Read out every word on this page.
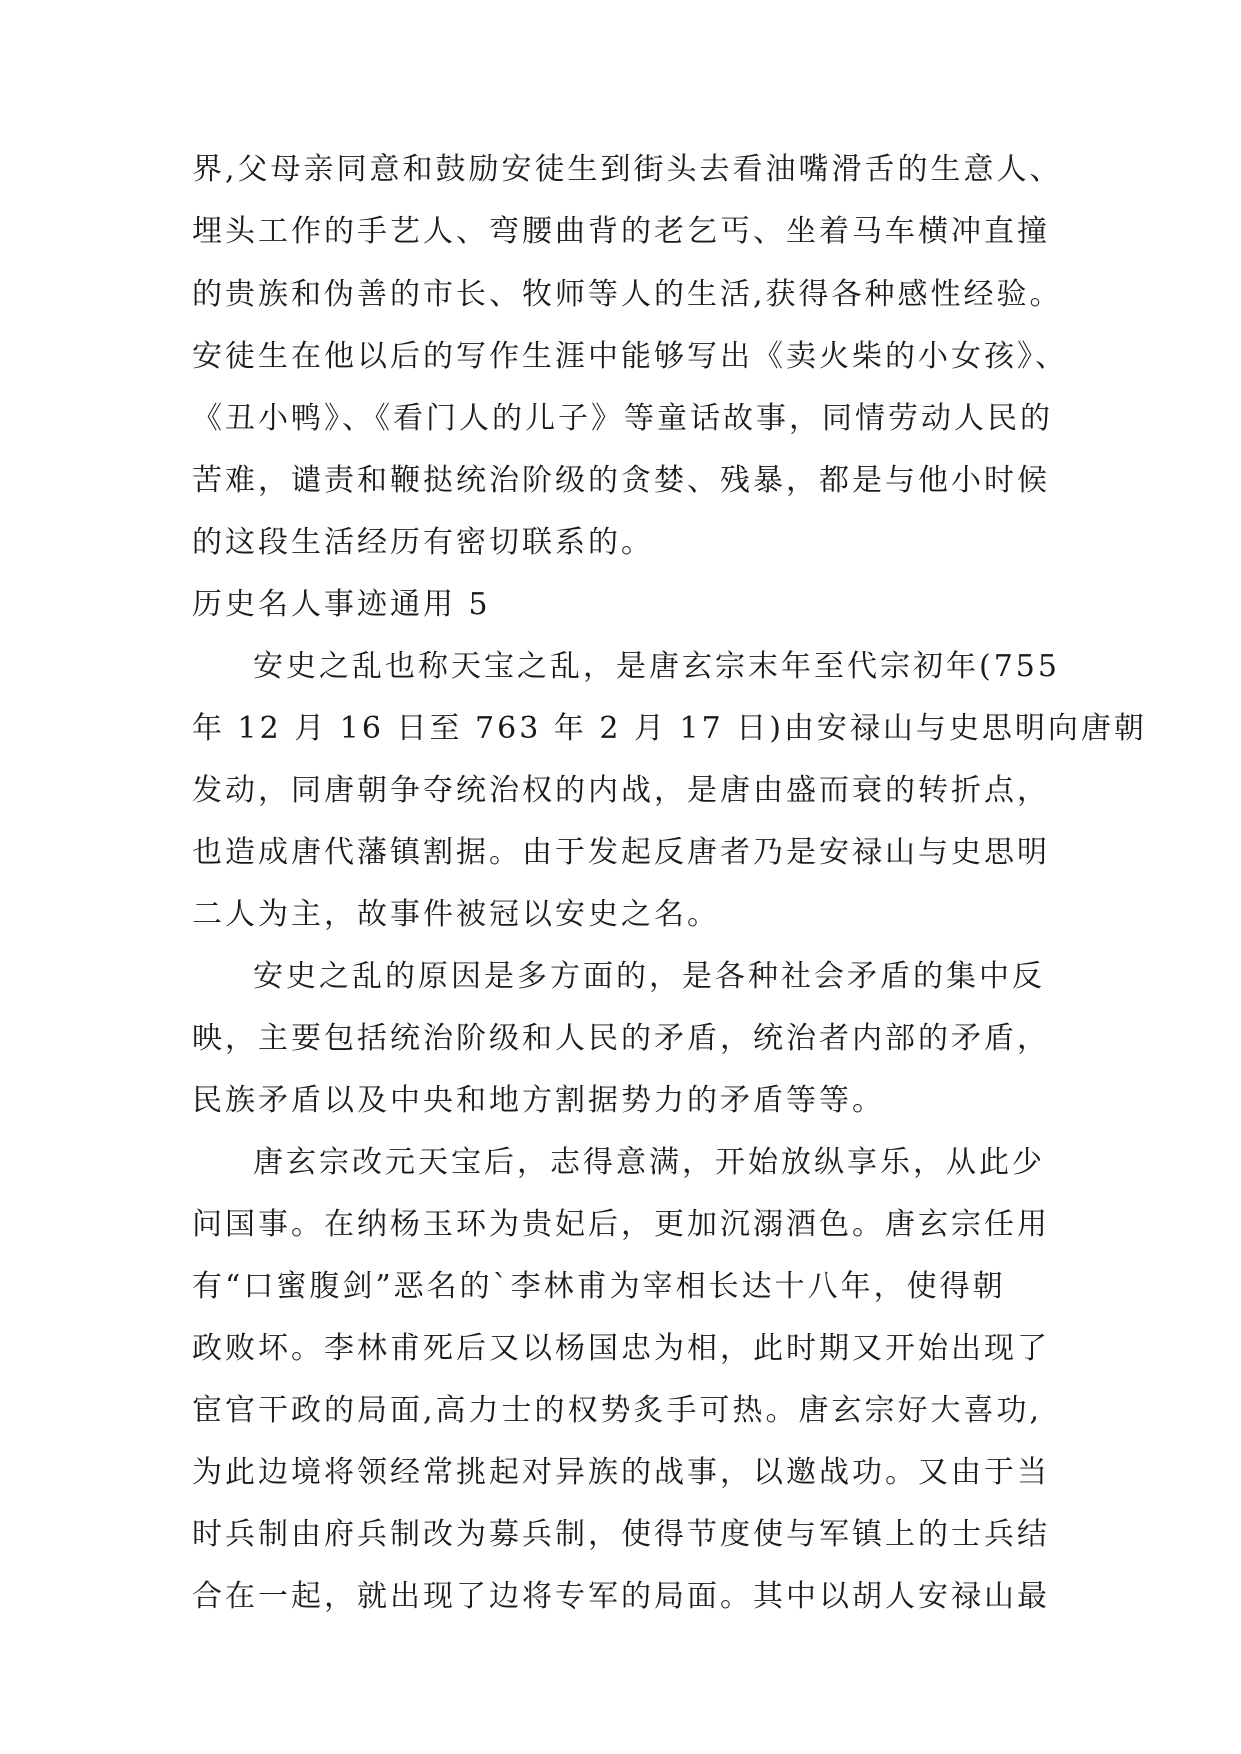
界,父母亲同意和鼓励安徒生到街头去看油嘴滑舌的生意人、
埋头工作的手艺人、弯腰曲背的老乞丐、坐着马车横冲直撞
的贵族和伪善的市长、牧师等人的生活,获得各种感性经验。
安徒生在他以后的写作生涯中能够写出《卖火柴的小女孩》、
《丑小鸭》、《看门人的儿子》等童话故事，同情劳动人民的
苦难，谴责和鞭挞统治阶级的贪婪、残暴，都是与他小时候
的这段生活经历有密切联系的。
历史名人事迹通用 5
安史之乱也称天宝之乱，是唐玄宗末年至代宗初年(755
年 12 月 16 日至 763 年 2 月 17 日)由安禄山与史思明向唐朝
发动，同唐朝争夺统治权的内战，是唐由盛而衰的转折点，
也造成唐代藩镇割据。由于发起反唐者乃是安禄山与史思明
二人为主，故事件被冠以安史之名。
安史之乱的原因是多方面的，是各种社会矛盾的集中反
映，主要包括统治阶级和人民的矛盾，统治者内部的矛盾，
民族矛盾以及中央和地方割据势力的矛盾等等。
唐玄宗改元天宝后，志得意满，开始放纵享乐，从此少
问国事。在纳杨玉环为贵妃后，更加沉溺酒色。唐玄宗任用
有“口蜜腹剑”恶名的`李林甫为宰相长达十八年，使得朝
政败坏。李林甫死后又以杨国忠为相，此时期又开始出现了
宦官干政的局面,高力士的权势炙手可热。唐玄宗好大喜功,
为此边境将领经常挑起对异族的战事，以邀战功。又由于当
时兵制由府兵制改为募兵制，使得节度使与军镇上的士兵结
合在一起，就出现了边将专军的局面。其中以胡人安禄山最
